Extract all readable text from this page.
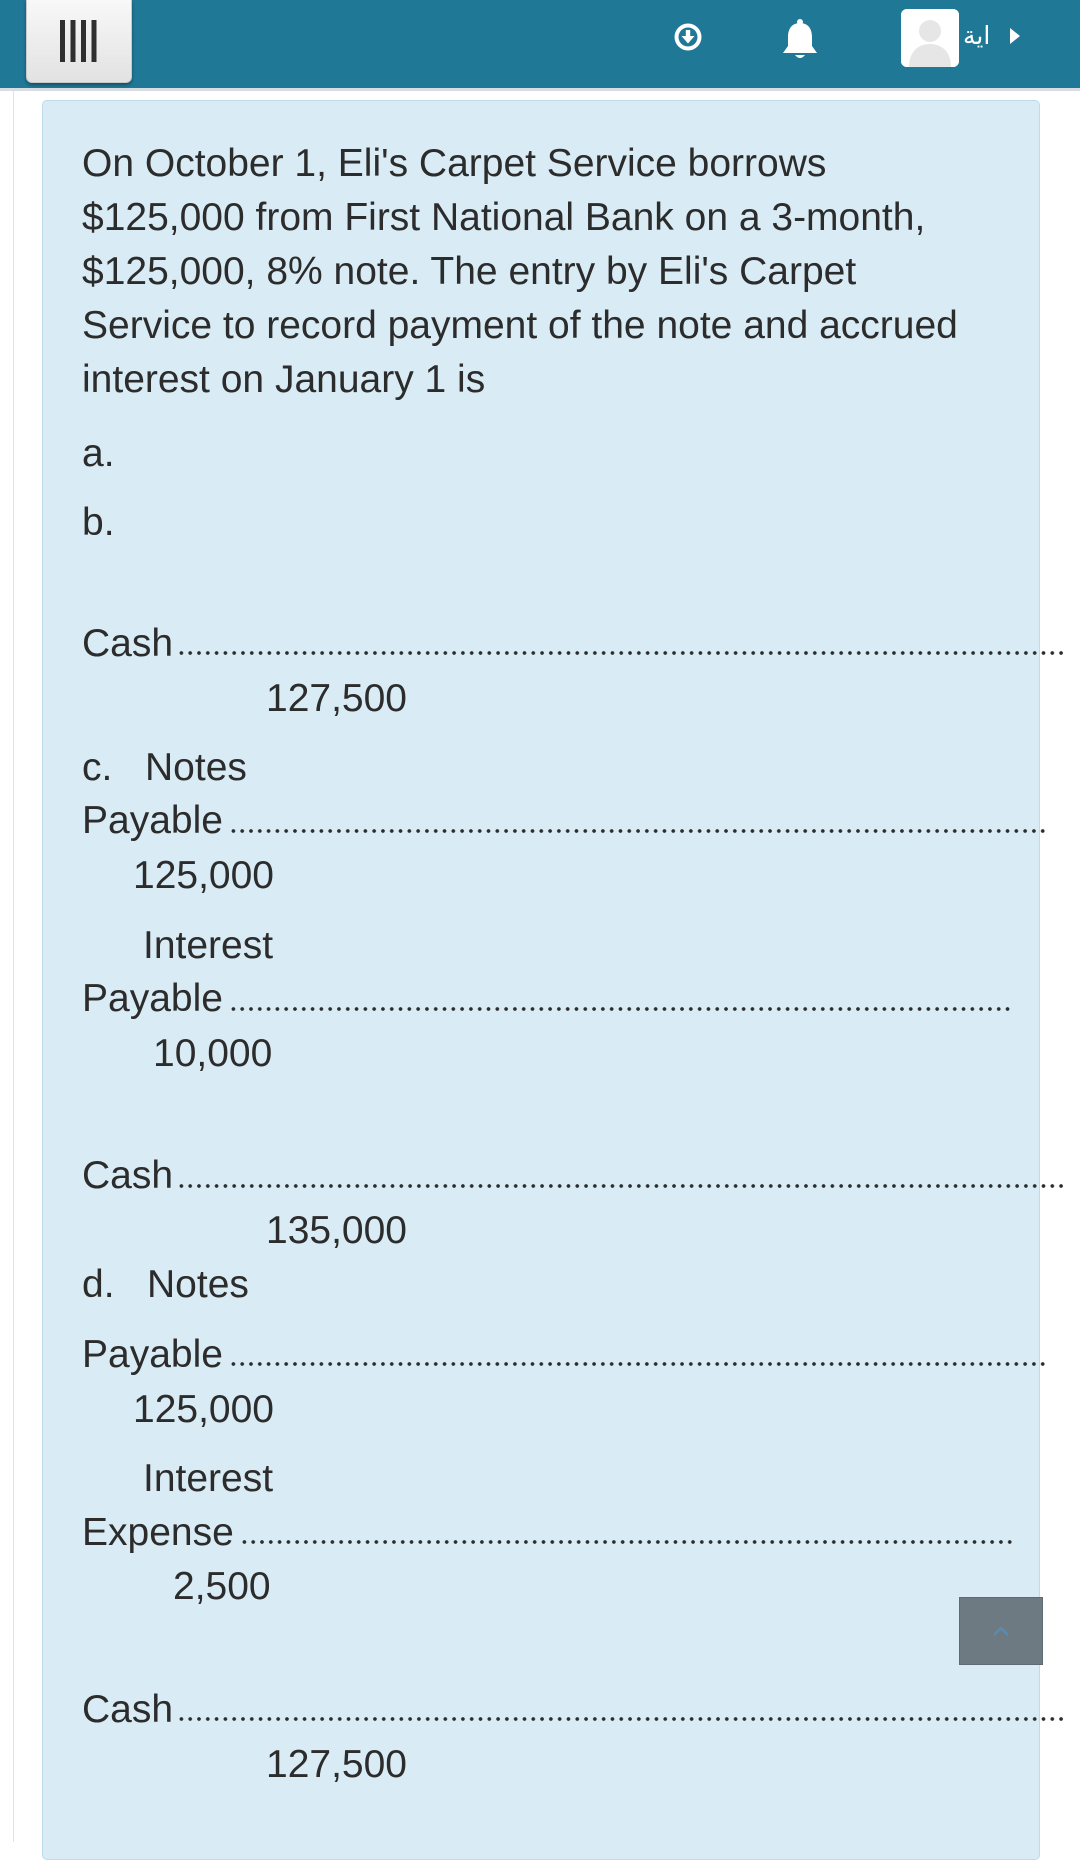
اية

On October 1, Eli's Carpet Service borrows $125,000 from First National Bank on a 3-month, $125,000, 8% note. The entry by Eli's Carpet Service to record payment of the note and accrued interest on January 1 is

a.
b.
Cash
127,500
c. Notes
Payable
125,000
Interest
Payable
10,000
Cash
135,000
d. Notes
Payable
125,000
Interest
Expense
2,500
Cash
127,500
